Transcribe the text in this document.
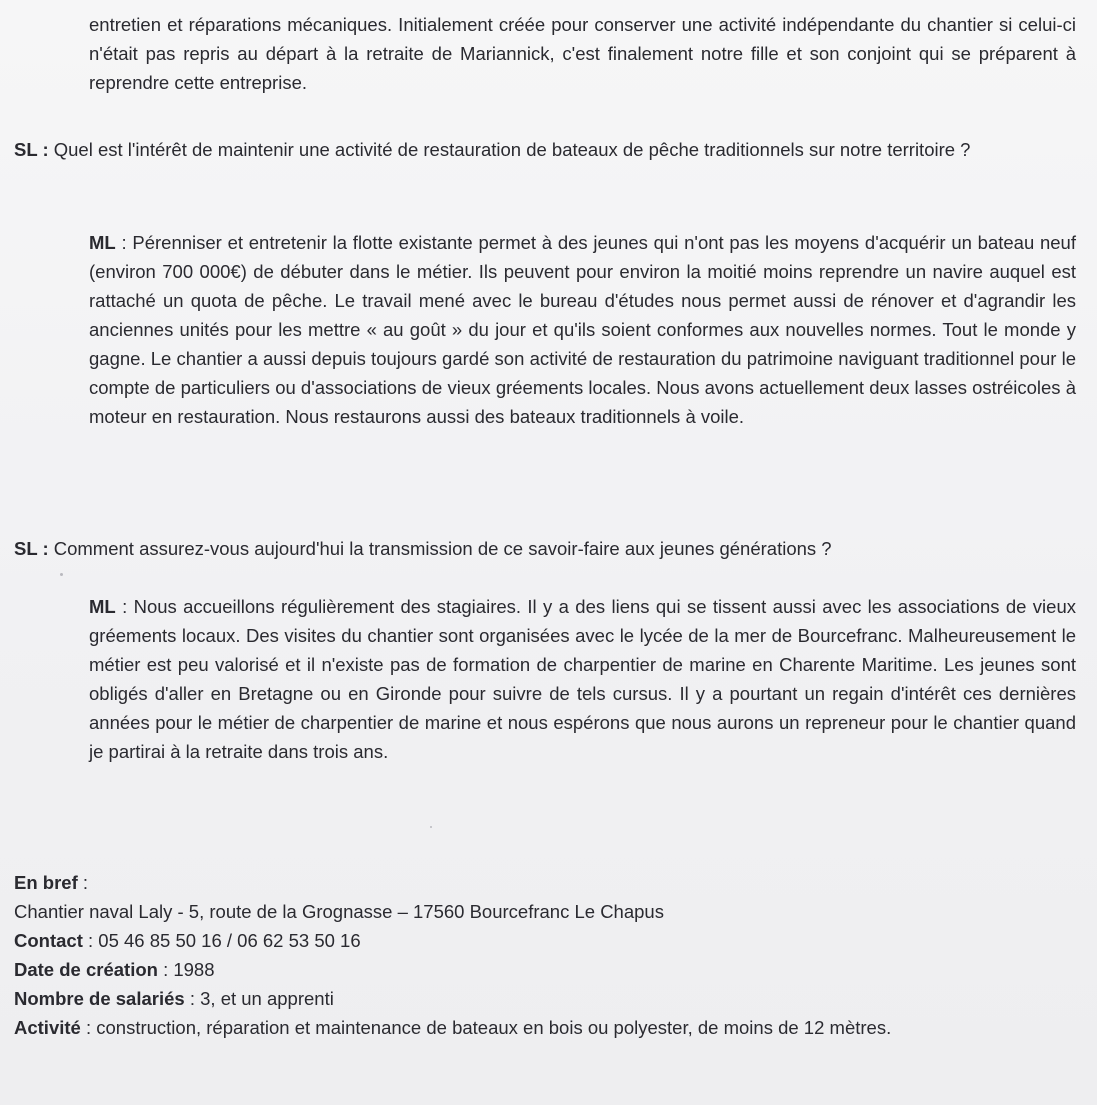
entretien et réparations mécaniques. Initialement créée pour conserver une activité indépendante du chantier si celui-ci n'était pas repris au départ à la retraite de Mariannick, c'est finalement notre fille et son conjoint qui se préparent à reprendre cette entreprise.

SL : Quel est l'intérêt de maintenir une activité de restauration de bateaux de pêche traditionnels sur notre territoire ?

ML : Pérenniser et entretenir la flotte existante permet à des jeunes qui n'ont pas les moyens d'acquérir un bateau neuf (environ 700 000€) de débuter dans le métier. Ils peuvent pour environ la moitié moins reprendre un navire auquel est rattaché un quota de pêche. Le travail mené avec le bureau d'études nous permet aussi de rénover et d'agrandir les anciennes unités pour les mettre « au goût » du jour et qu'ils soient conformes aux nouvelles normes. Tout le monde y gagne. Le chantier a aussi depuis toujours gardé son activité de restauration du patrimoine naviguant traditionnel pour le compte de particuliers ou d'associations de vieux gréements locales. Nous avons actuellement deux lasses ostréicoles à moteur en restauration. Nous restaurons aussi des bateaux traditionnels à voile.

SL : Comment assurez-vous aujourd'hui la transmission de ce savoir-faire aux jeunes générations ?

ML : Nous accueillons régulièrement des stagiaires. Il y a des liens qui se tissent aussi avec les associations de vieux gréements locaux. Des visites du chantier sont organisées avec le lycée de la mer de Bourcefranc. Malheureusement le métier est peu valorisé et il n'existe pas de formation de charpentier de marine en Charente Maritime. Les jeunes sont obligés d'aller en Bretagne ou en Gironde pour suivre de tels cursus. Il y a pourtant un regain d'intérêt ces dernières années pour le métier de charpentier de marine et nous espérons que nous aurons un repreneur pour le chantier quand je partirai à la retraite dans trois ans.

En bref :
Chantier naval Laly - 5, route de la Grognasse – 17560 Bourcefranc Le Chapus
Contact : 05 46 85 50 16 / 06 62 53 50 16
Date de création : 1988
Nombre de salariés : 3, et un apprenti

Activité : construction, réparation et maintenance de bateaux en bois ou polyester, de moins de 12 mètres.
